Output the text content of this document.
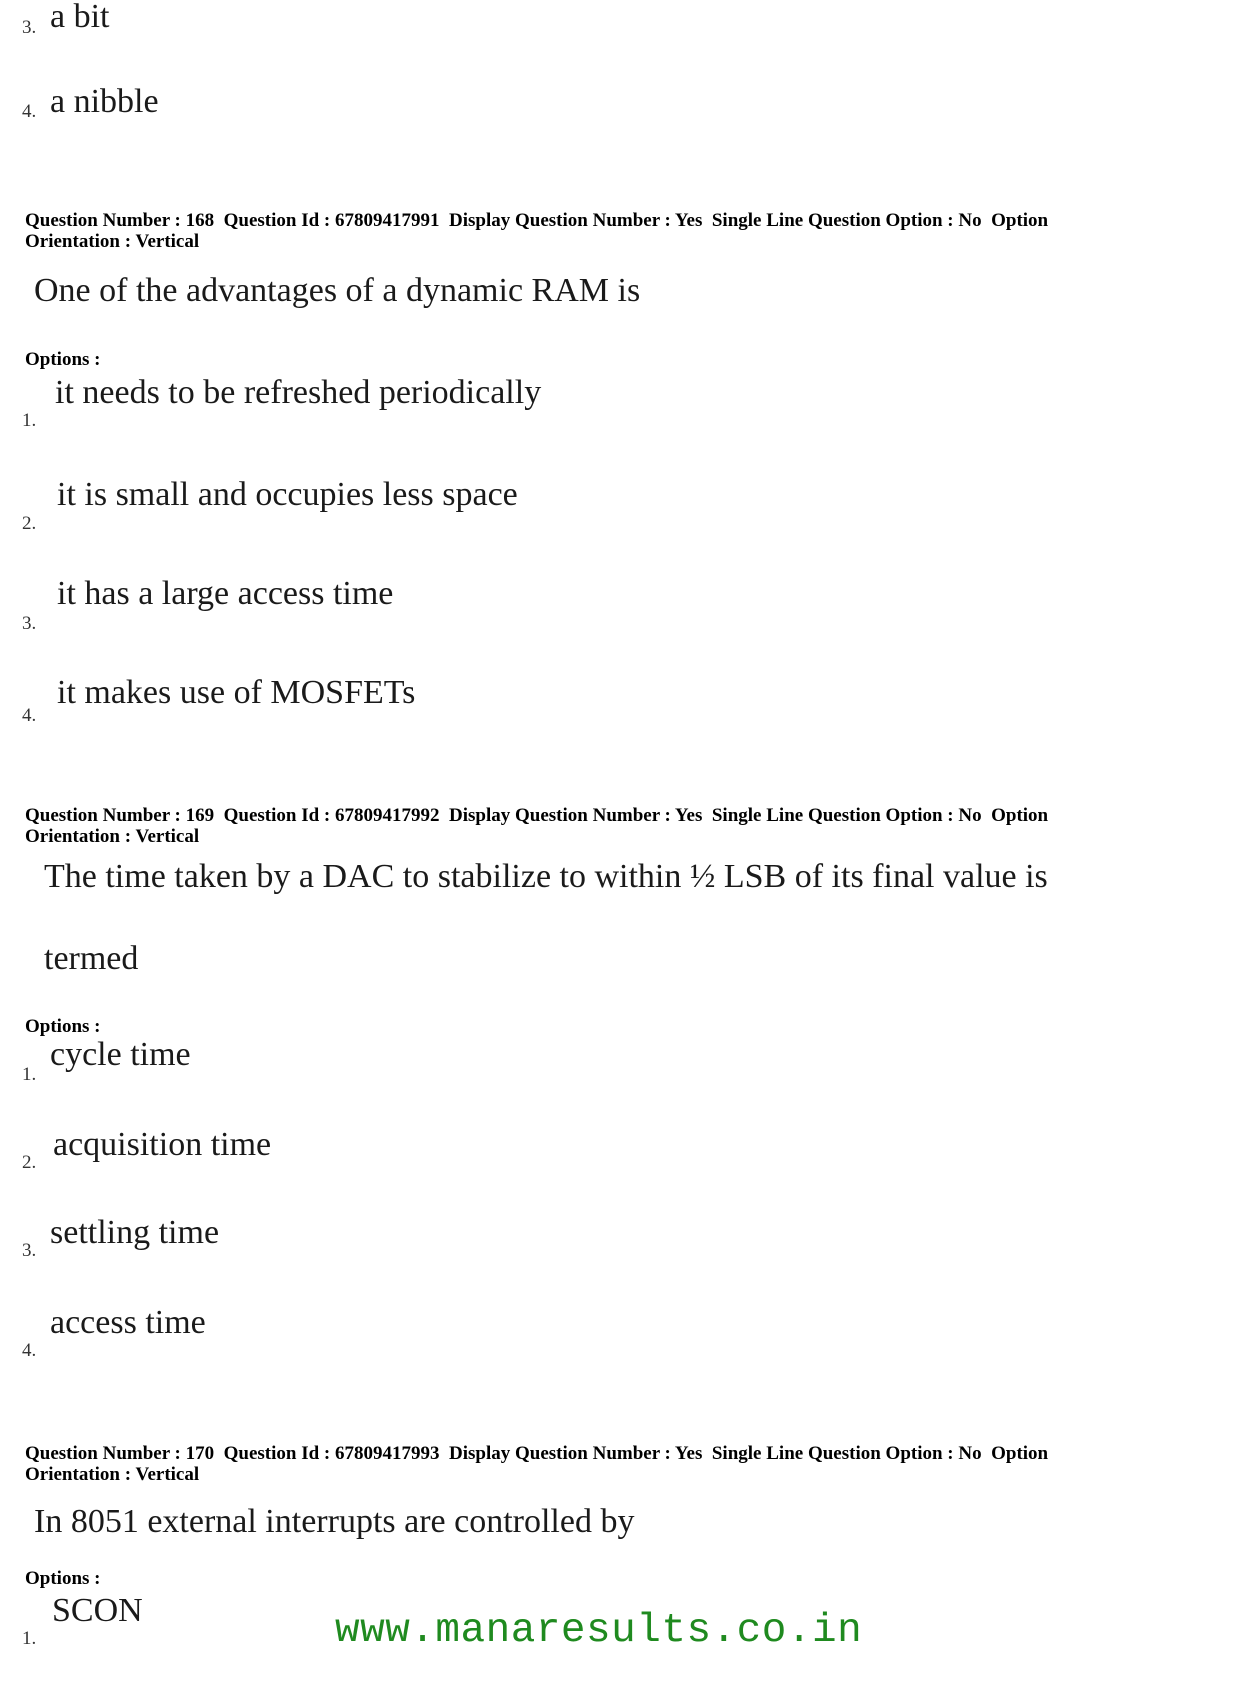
3. a bit
4. a nibble
Question Number : 168  Question Id : 67809417991  Display Question Number : Yes  Single Line Question Option : No  Option
Orientation : Vertical
One of the advantages of a dynamic RAM is
Options :
1.
it needs to be refreshed periodically
2.
it is small and occupies less space
3.
it has a large access time
4.
it makes use of MOSFETs
Question Number : 169  Question Id : 67809417992  Display Question Number : Yes  Single Line Question Option : No  Option
Orientation : Vertical
The time taken by a DAC to stabilize to within ½ LSB of its final value is
termed
Options :
1.
cycle time
2. acquisition time
3. settling time
4.
access time
Question Number : 170  Question Id : 67809417993  Display Question Number : Yes  Single Line Question Option : No  Option
Orientation : Vertical
In 8051 external interrupts are controlled by
Options :
1.
SCON	www.manaresults.co.in
